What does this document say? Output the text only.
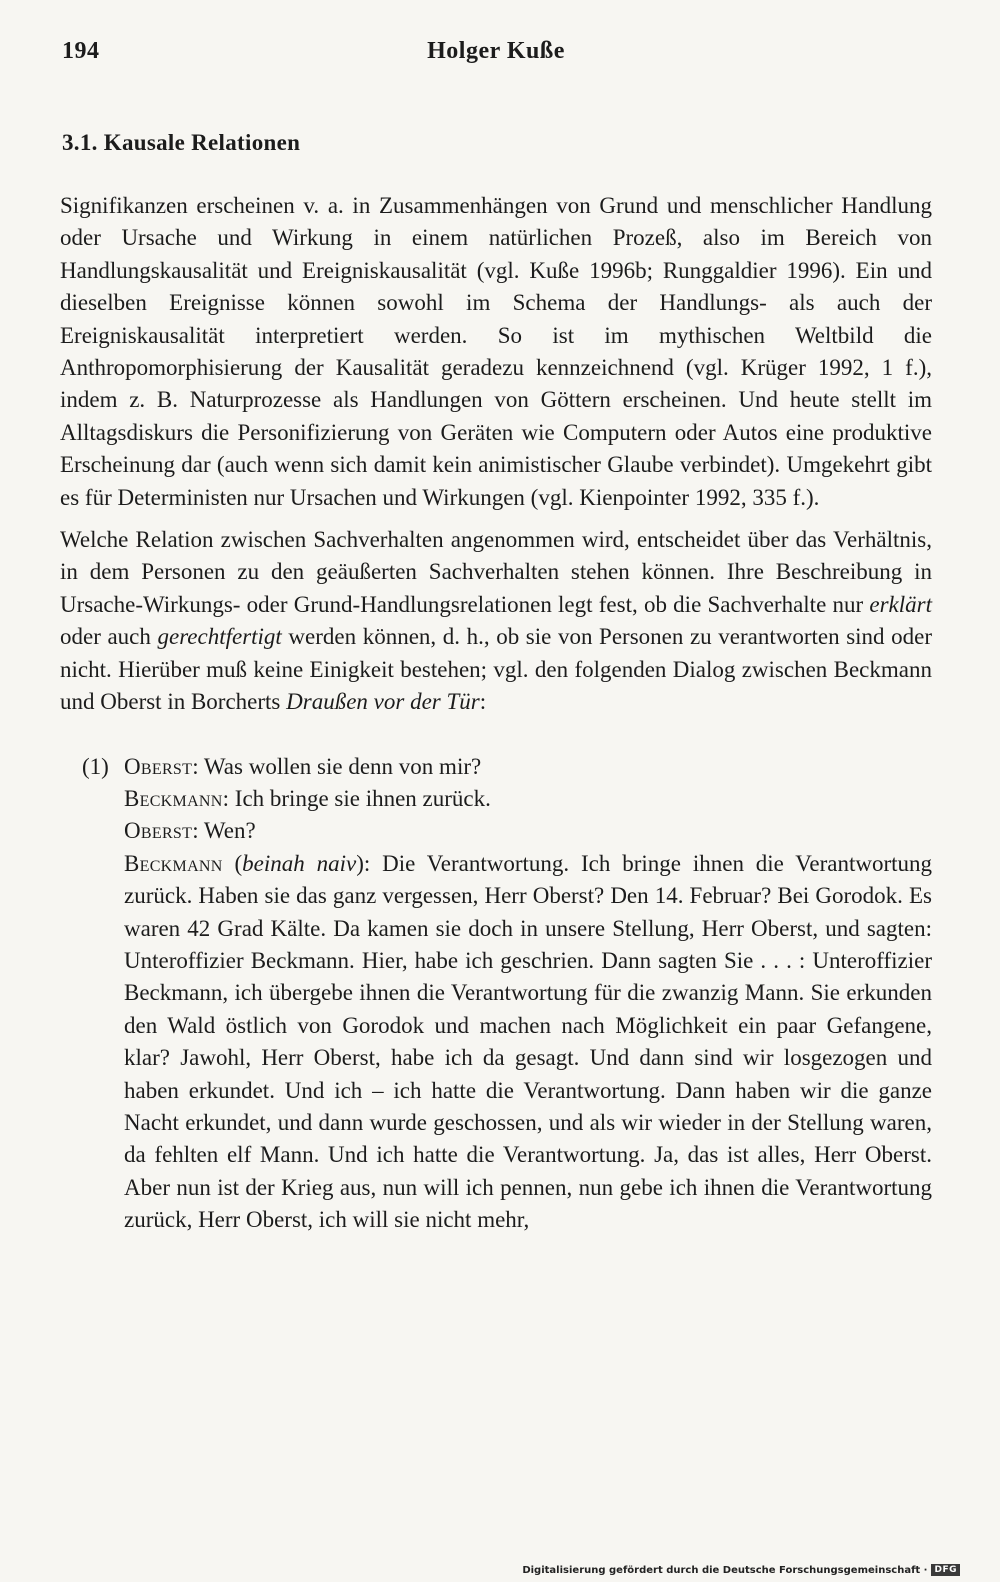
194	Holger Kuße
3.1. Kausale Relationen

Signifikanzen erscheinen v. a. in Zusammenhängen von Grund und menschlicher Handlung oder Ursache und Wirkung in einem natürlichen Prozeß, also im Bereich von Handlungskausalität und Ereigniskausalität (vgl. Kuße 1996b; Runggaldier 1996). Ein und dieselben Ereignisse können sowohl im Schema der Handlungs- als auch der Ereigniskausalität interpretiert werden. So ist im mythischen Weltbild die Anthropomorphisierung der Kausalität geradezu kennzeichnend (vgl. Krüger 1992, 1 f.), indem z. B. Naturprozesse als Handlungen von Göttern erscheinen. Und heute stellt im Alltagsdiskurs die Personifizierung von Geräten wie Computern oder Autos eine produktive Erscheinung dar (auch wenn sich damit kein animistischer Glaube verbindet). Umgekehrt gibt es für Deterministen nur Ursachen und Wirkungen (vgl. Kienpointer 1992, 335 f.).

Welche Relation zwischen Sachverhalten angenommen wird, entscheidet über das Verhältnis, in dem Personen zu den geäußerten Sachverhalten stehen können. Ihre Beschreibung in Ursache-Wirkungs- oder Grund-Handlungsrelationen legt fest, ob die Sachverhalte nur erklärt oder auch gerechtfertigt werden können, d. h., ob sie von Personen zu verantworten sind oder nicht. Hierüber muß keine Einigkeit bestehen; vgl. den folgenden Dialog zwischen Beckmann und Oberst in Borcherts Draußen vor der Tür:

(1) Oberst: Was wollen sie denn von mir?

Beckmann: Ich bringe sie ihnen zurück.

Oberst: Wen?

Beckmann (beinah naiv): Die Verantwortung. Ich bringe ihnen die Verantwortung zurück. Haben sie das ganz vergessen, Herr Oberst? Den 14. Februar? Bei Gorodok. Es waren 42 Grad Kälte. Da kamen sie doch in unsere Stellung, Herr Oberst, und sagten: Unteroffizier Beckmann. Hier, habe ich geschrien. Dann sagten Sie . . . : Unteroffizier Beckmann, ich übergebe ihnen die Verantwortung für die zwanzig Mann. Sie erkunden den Wald östlich von Gorodok und machen nach Möglichkeit ein paar Gefangene, klar? Jawohl, Herr Oberst, habe ich da gesagt. Und dann sind wir losgezogen und haben erkundet. Und ich – ich hatte die Verantwortung. Dann haben wir die ganze Nacht erkundet, und dann wurde geschossen, und als wir wieder in der Stellung waren, da fehlten elf Mann. Und ich hatte die Verantwortung. Ja, das ist alles, Herr Oberst. Aber nun ist der Krieg aus, nun will ich pennen, nun gebe ich ihnen die Verantwortung zurück, Herr Oberst, ich will sie nicht mehr,

Digitalisierung gefördert durch die Deutsche Forschungsgemeinschaft · DFG
